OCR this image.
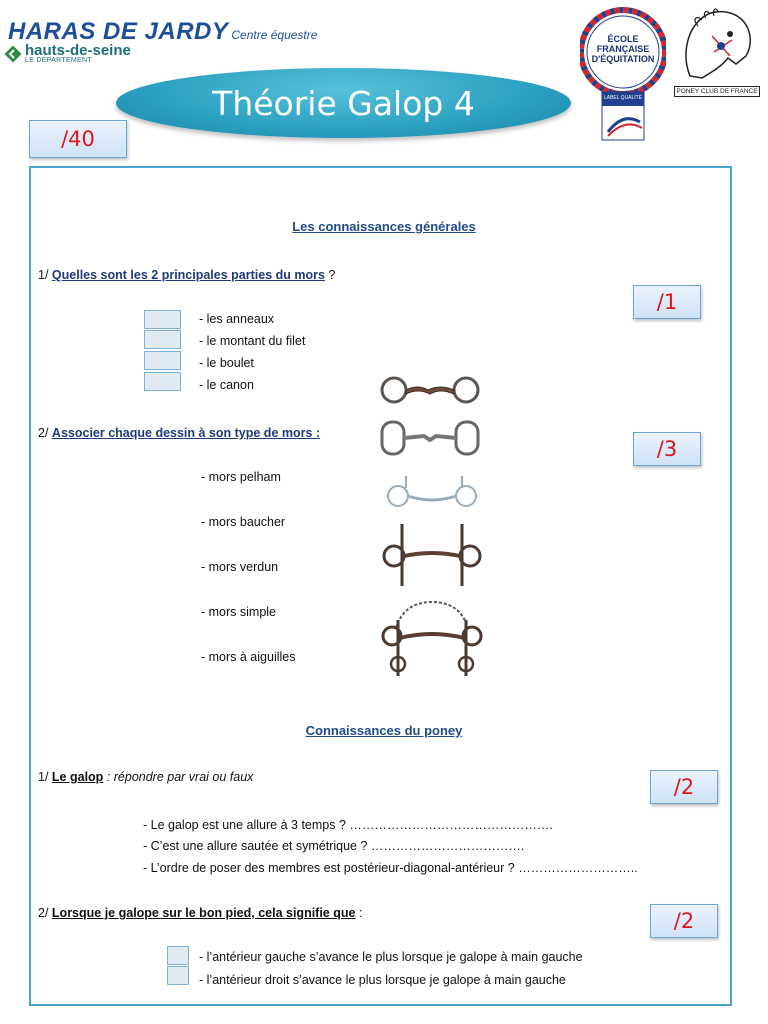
HARAS DE JARDY Centre équestre
hauts-de-seine
LE DÉPARTEMENT
Théorie Galop 4
/40
ÉCOLE
FRANÇAISE
D'ÉQUITATION
LABEL QUALITÉ
PONEY CLUB DE FRANCE
Les connaissances générales
1/ Quelles sont les 2 principales parties du mors ?
/1
- les anneaux
- le montant du filet
- le boulet
- le canon
2/ Associer chaque dessin à son type de mors :
/3
- mors pelham
- mors baucher
- mors verdun
- mors simple
- mors à aiguilles
Connaissances du poney
1/ Le galop : répondre par vrai ou faux	/2
- Le galop est une allure à 3 temps ? ………………………………………….
- C’est une allure sautée et symétrique ? ……………………………….
- L’ordre de poser des membres est postérieur-diagonal-antérieur ? ………………………..
2/ Lorsque je galope sur le bon pied, cela signifie que :	/2
- l’antérieur gauche s’avance le plus lorsque je galope à main gauche
- l’antérieur droit s’avance le plus lorsque je galope à main gauche
